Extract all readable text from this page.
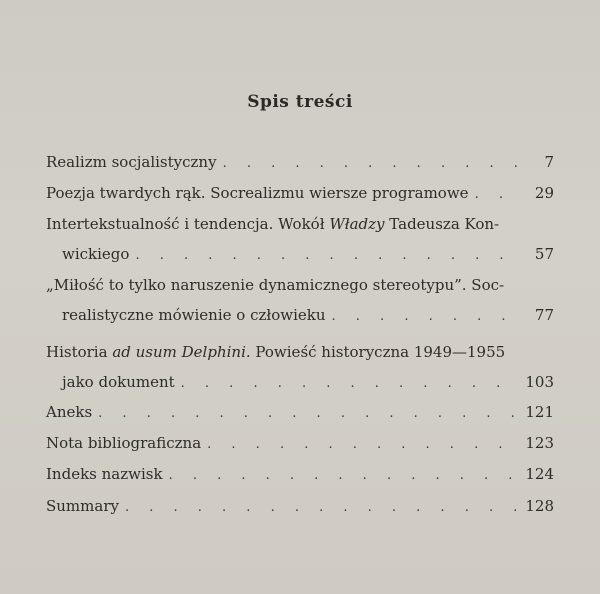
Spis treści
Realizm socjalistyczny . . .	7
Poezja twardych rąk. Socrealizmu wiersze programowe . . .	29
Intertekstualność i tendencja. Wokół Władzy Tadeusza Kon-
wickiego . . .	57
„Miłość to tylko naruszenie dynamicznego stereotypu”. Soc-
realistyczne mówienie o człowieku . . .	77
Historia ad usum Delphini. Powieść historyczna 1949—1955
jako dokument . . .	103
Aneks . . .	121
Nota bibliograficzna . . .	123
Indeks nazwisk . . .	124
Summary . . .	128
